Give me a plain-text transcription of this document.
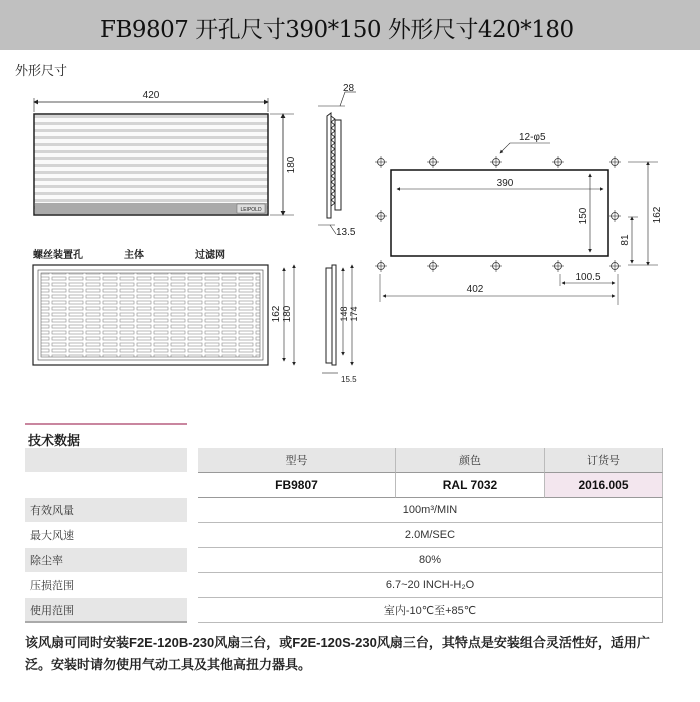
FB9807 开孔尺寸390*150 外形尺寸420*180
外形尺寸
420
LEIPOLD
180
28
13.5
螺丝装置孔	主体	过滤网
162 180	148 174
15.5
12-φ5
390
150	162
81
100.5
402
技术数据
型号	颜色	订货号
FB9807	RAL 7032	2016.005
有效风量	100m³/MIN
最大风速	2.0M/SEC
除尘率	80%
压损范围	6.7~20 INCH-H₂O
使用范围	室内-10℃至+85℃
该风扇可同时安装F2E-120B-230风扇三台，或F2E-120S-230风扇三台，其特点是安装组合灵活性好，适用广泛。安装时请勿使用气动工具及其他高扭力器具。
